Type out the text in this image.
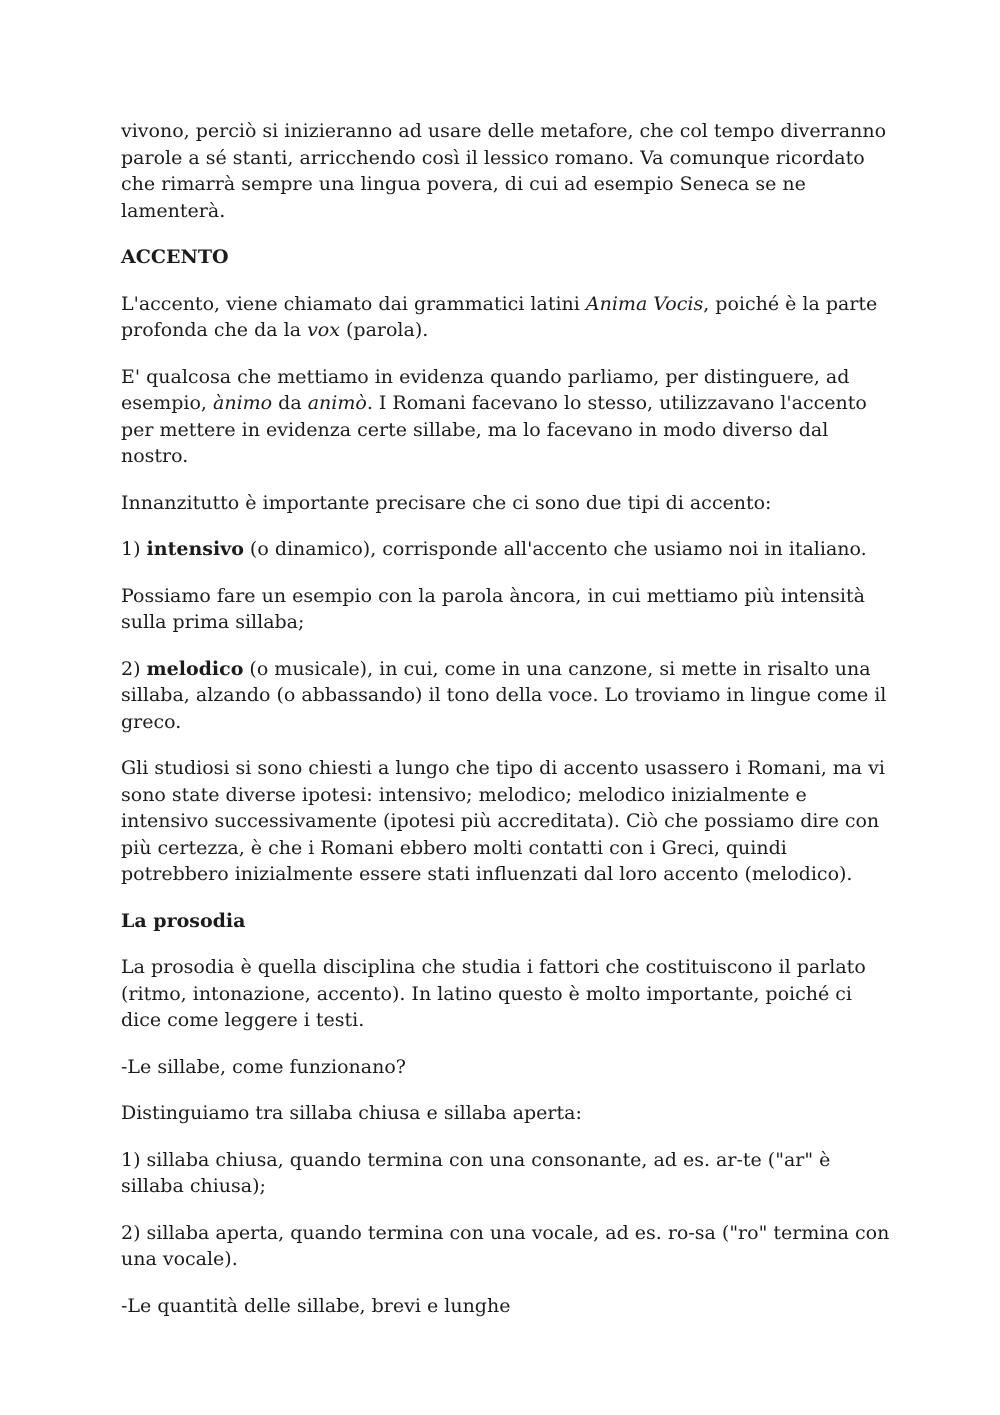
vivono, perciò si inizieranno ad usare delle metafore, che col tempo diverranno parole a sé stanti, arricchendo così il lessico romano. Va comunque ricordato che rimarrà sempre una lingua povera, di cui ad esempio Seneca se ne lamenterà.

ACCENTO

L'accento, viene chiamato dai grammatici latini Anima Vocis, poiché è la parte profonda che da la vox (parola).

E' qualcosa che mettiamo in evidenza quando parliamo, per distinguere, ad esempio, ànimo da animò. I Romani facevano lo stesso, utilizzavano l'accento per mettere in evidenza certe sillabe, ma lo facevano in modo diverso dal nostro.

Innanzitutto è importante precisare che ci sono due tipi di accento:

1) intensivo (o dinamico), corrisponde all'accento che usiamo noi in italiano.

Possiamo fare un esempio con la parola àncora, in cui mettiamo più intensità sulla prima sillaba;

2) melodico (o musicale), in cui, come in una canzone, si mette in risalto una sillaba, alzando (o abbassando) il tono della voce. Lo troviamo in lingue come il greco.

Gli studiosi si sono chiesti a lungo che tipo di accento usassero i Romani, ma vi sono state diverse ipotesi: intensivo; melodico; melodico inizialmente e intensivo successivamente (ipotesi più accreditata). Ciò che possiamo dire con più certezza, è che i Romani ebbero molti contatti con i Greci, quindi potrebbero inizialmente essere stati influenzati dal loro accento (melodico).

La prosodia

La prosodia è quella disciplina che studia i fattori che costituiscono il parlato (ritmo, intonazione, accento). In latino questo è molto importante, poiché ci dice come leggere i testi.

-Le sillabe, come funzionano?

Distinguiamo tra sillaba chiusa e sillaba aperta:

1) sillaba chiusa, quando termina con una consonante, ad es. ar-te ("ar" è sillaba chiusa);

2) sillaba aperta, quando termina con una vocale, ad es. ro-sa ("ro" termina con una vocale).

-Le quantità delle sillabe, brevi e lunghe
